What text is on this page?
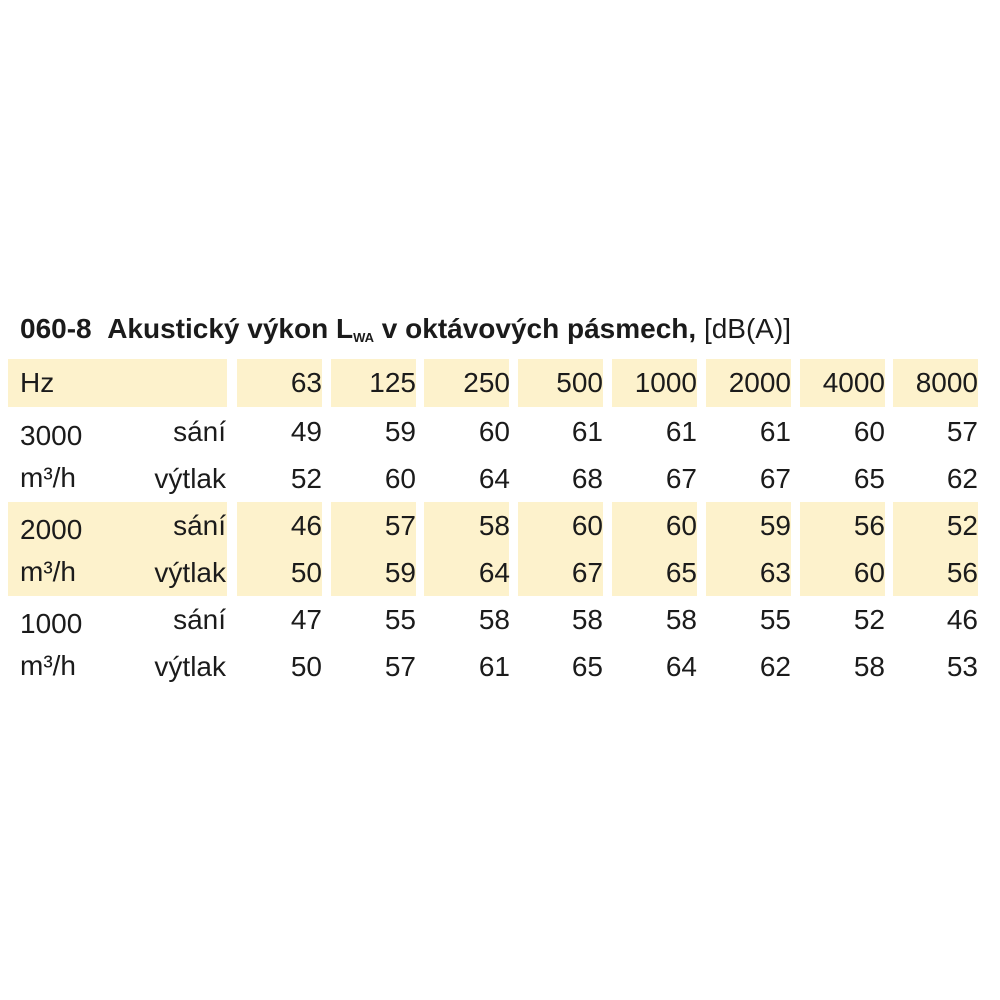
060-8 Akustický výkon LWA v oktávových pásmech, [dB(A)]
Hz	63 125 250 500 1000 2000 4000 8000
3000
m³/h
sání 49 59 60 61 61 61 60 57
výtlak 52 60 64 68 67 67 65 62
2000
m³/h
sání 46 57 58 60 60 59 56 52
výtlak 50 59 64 67 65 63 60 56
1000
m³/h
sání 47 55 58 58 58 55 52 46
výtlak 50 57 61 65 64 62 58 53
